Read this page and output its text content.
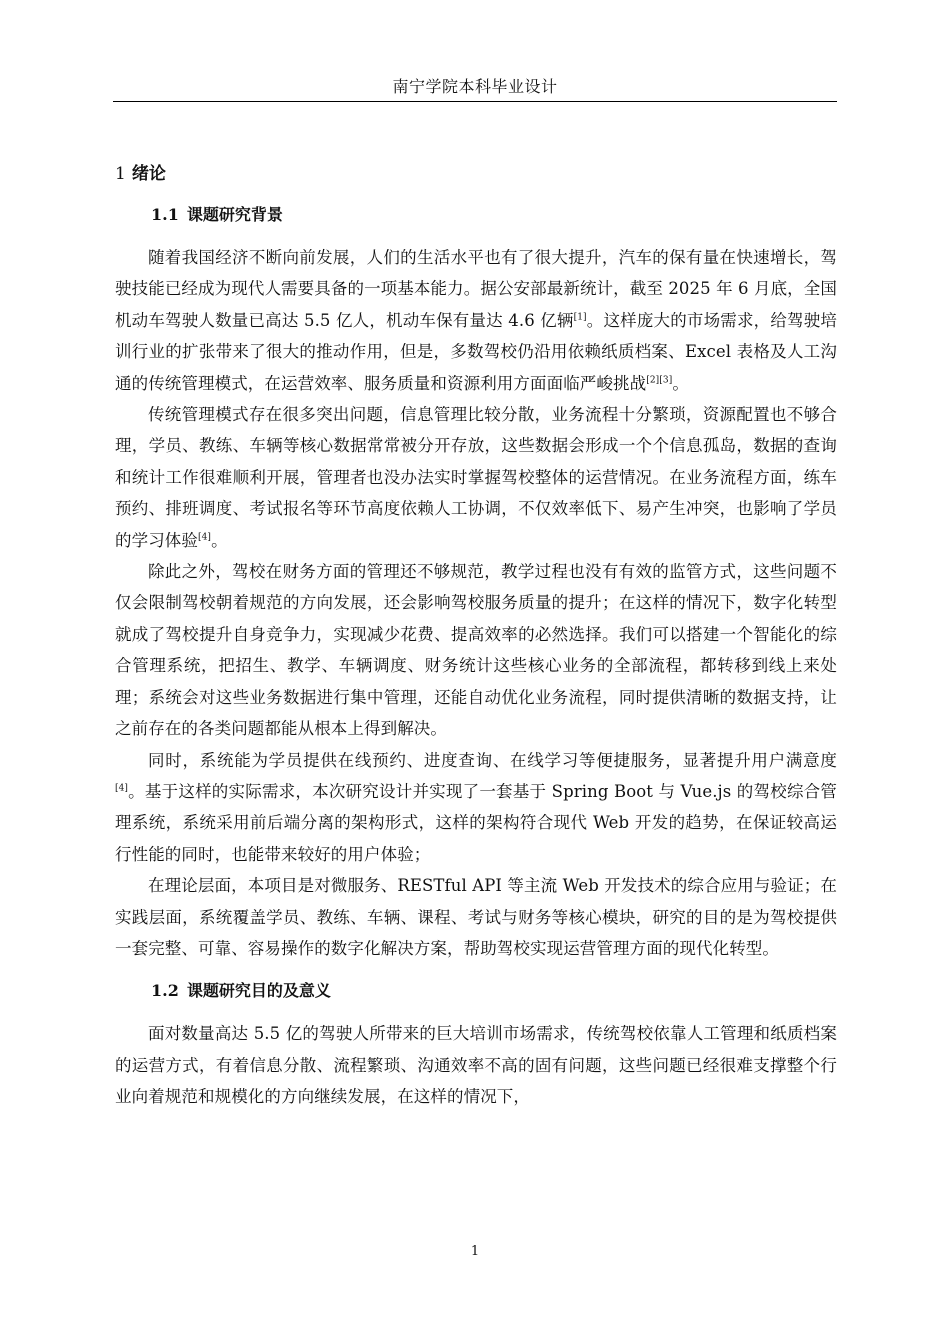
南宁学院本科毕业设计
1 绪论
1.1 课题研究背景

随着我国经济不断向前发展，人们的生活水平也有了很大提升，汽车的保有量在快速增长，驾驶技能已经成为现代人需要具备的一项基本能力。据公安部最新统计，截至 2025 年 6 月底，全国机动车驾驶人数量已高达 5.5 亿人，机动车保有量达 4.6 亿辆[1]。这样庞大的市场需求，给驾驶培训行业的扩张带来了很大的推动作用，但是，多数驾校仍沿用依赖纸质档案、Excel 表格及人工沟通的传统管理模式，在运营效率、服务质量和资源利用方面面临严峻挑战[2][3]。

传统管理模式存在很多突出问题，信息管理比较分散，业务流程十分繁琐，资源配置也不够合理，学员、教练、车辆等核心数据常常被分开存放，这些数据会形成一个个信息孤岛，数据的查询和统计工作很难顺利开展，管理者也没办法实时掌握驾校整体的运营情况。在业务流程方面，练车预约、排班调度、考试报名等环节高度依赖人工协调，不仅效率低下、易产生冲突，也影响了学员的学习体验[4]。

除此之外，驾校在财务方面的管理还不够规范，教学过程也没有有效的监管方式，这些问题不仅会限制驾校朝着规范的方向发展，还会影响驾校服务质量的提升；在这样的情况下，数字化转型就成了驾校提升自身竞争力，实现减少花费、提高效率的必然选择。我们可以搭建一个智能化的综合管理系统，把招生、教学、车辆调度、财务统计这些核心业务的全部流程，都转移到线上来处理；系统会对这些业务数据进行集中管理，还能自动优化业务流程，同时提供清晰的数据支持，让之前存在的各类问题都能从根本上得到解决。

同时，系统能为学员提供在线预约、进度查询、在线学习等便捷服务，显著提升用户满意度[4]。基于这样的实际需求，本次研究设计并实现了一套基于 Spring Boot 与 Vue.js 的驾校综合管理系统，系统采用前后端分离的架构形式，这样的架构符合现代 Web 开发的趋势，在保证较高运行性能的同时，也能带来较好的用户体验；

在理论层面，本项目是对微服务、RESTful API 等主流 Web 开发技术的综合应用与验证；在实践层面，系统覆盖学员、教练、车辆、课程、考试与财务等核心模块，研究的目的是为驾校提供一套完整、可靠、容易操作的数字化解决方案，帮助驾校实现运营管理方面的现代化转型。

1.2 课题研究目的及意义

面对数量高达 5.5 亿的驾驶人所带来的巨大培训市场需求，传统驾校依靠人工管理和纸质档案的运营方式，有着信息分散、流程繁琐、沟通效率不高的固有问题，这些问题已经很难支撑整个行业向着规范和规模化的方向继续发展，在这样的情况下，

1
